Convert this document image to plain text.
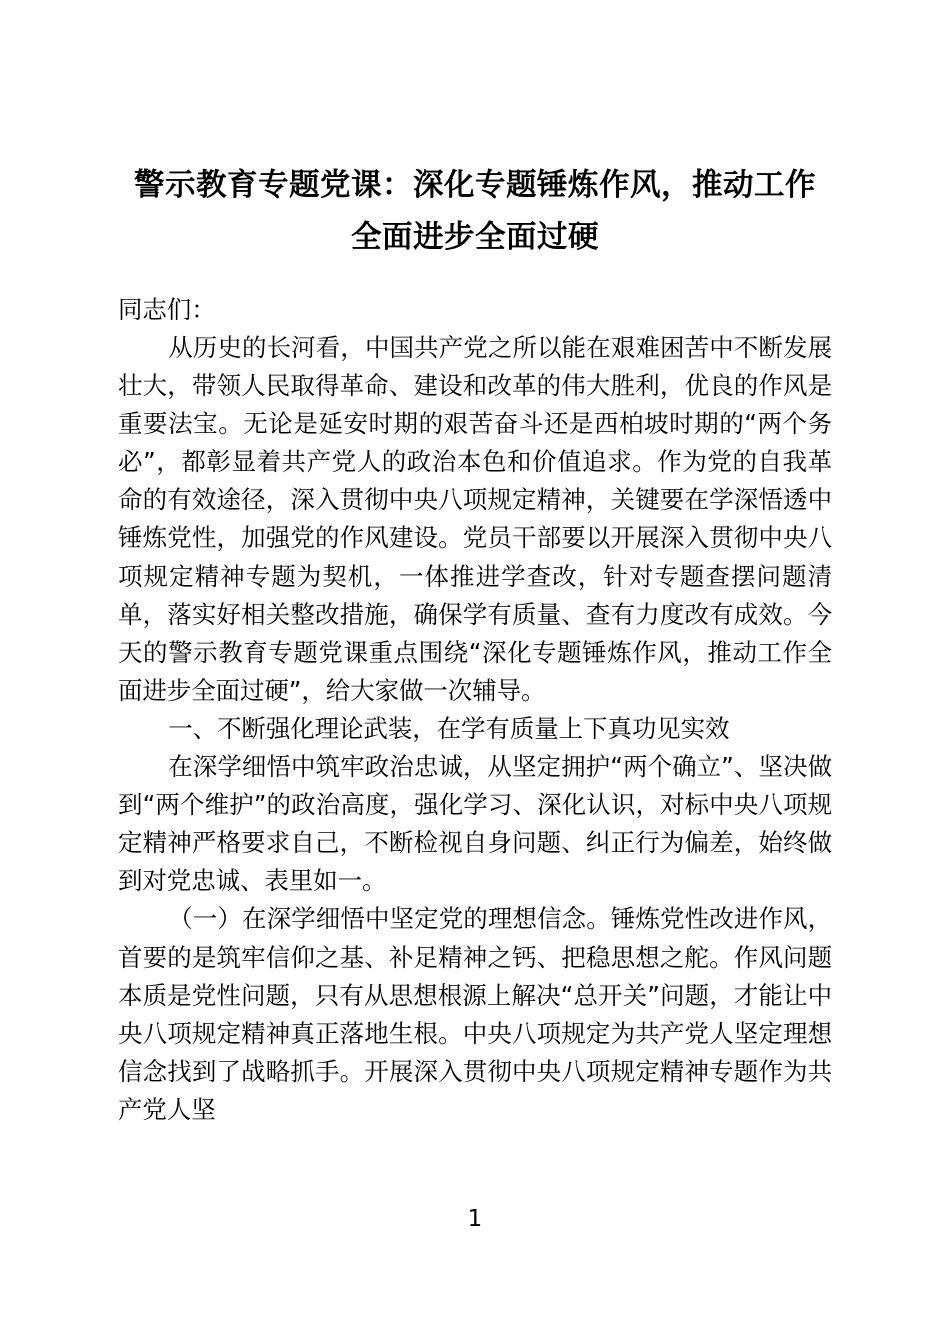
警示教育专题党课：深化专题锤炼作风，推动工作全面进步全面过硬

同志们：

从历史的长河看，中国共产党之所以能在艰难困苦中不断发展壮大，带领人民取得革命、建设和改革的伟大胜利，优良的作风是重要法宝。无论是延安时期的艰苦奋斗还是西柏坡时期的“两个务必”，都彰显着共产党人的政治本色和价值追求。作为党的自我革命的有效途径，深入贯彻中央八项规定精神，关键要在学深悟透中锤炼党性，加强党的作风建设。党员干部要以开展深入贯彻中央八项规定精神专题为契机，一体推进学查改，针对专题查摆问题清单，落实好相关整改措施，确保学有质量、查有力度改有成效。今天的警示教育专题党课重点围绕“深化专题锤炼作风，推动工作全面进步全面过硬”，给大家做一次辅导。

一、不断强化理论武装，在学有质量上下真功见实效

在深学细悟中筑牢政治忠诚，从坚定拥护“两个确立”、坚决做到“两个维护”的政治高度，强化学习、深化认识，对标中央八项规定精神严格要求自己，不断检视自身问题、纠正行为偏差，始终做到对党忠诚、表里如一。

（一）在深学细悟中坚定党的理想信念。锤炼党性改进作风，首要的是筑牢信仰之基、补足精神之钙、把稳思想之舵。作风问题本质是党性问题，只有从思想根源上解决“总开关”问题，才能让中央八项规定精神真正落地生根。中央八项规定为共产党人坚定理想信念找到了战略抓手。开展深入贯彻中央八项规定精神专题作为共产党人坚

1
